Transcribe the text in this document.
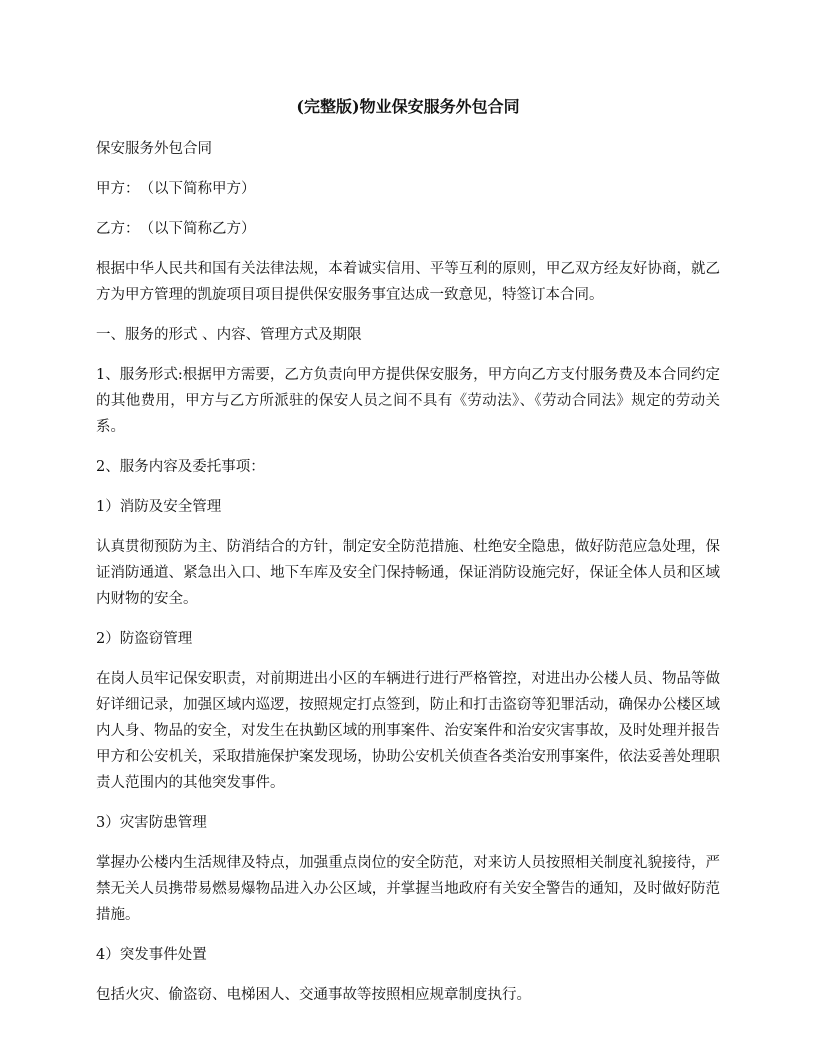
(完整版)物业保安服务外包合同

保安服务外包合同

甲方：　（以下简称甲方）

乙方：　（以下简称乙方）

根据中华人民共和国有关法律法规，本着诚实信用、平等互利的原则，甲乙双方经友好协商，就乙方为甲方管理的凯旋项目项目提供保安服务事宜达成一致意见，特签订本合同。

一、服务的形式 、内容、管理方式及期限

1、服务形式:根据甲方需要，乙方负责向甲方提供保安服务，甲方向乙方支付服务费及本合同约定的其他费用，甲方与乙方所派驻的保安人员之间不具有《劳动法》、《劳动合同法》规定的劳动关系。

2、服务内容及委托事项：

1）消防及安全管理

认真贯彻预防为主、防消结合的方针，制定安全防范措施、杜绝安全隐患，做好防范应急处理，保证消防通道、紧急出入口、地下车库及安全门保持畅通，保证消防设施完好，保证全体人员和区域内财物的安全。

2）防盗窃管理

在岗人员牢记保安职责，对前期进出小区的车辆进行进行严格管控，对进出办公楼人员、物品等做好详细记录，加强区域内巡逻，按照规定打点签到，防止和打击盗窃等犯罪活动，确保办公楼区域内人身、物品的安全，对发生在执勤区域的刑事案件、治安案件和治安灾害事故，及时处理并报告甲方和公安机关，采取措施保护案发现场，协助公安机关侦查各类治安刑事案件，依法妥善处理职责人范围内的其他突发事件。

3）灾害防患管理

掌握办公楼内生活规律及特点，加强重点岗位的安全防范，对来访人员按照相关制度礼貌接待，严禁无关人员携带易燃易爆物品进入办公区域，并掌握当地政府有关安全警告的通知，及时做好防范措施。

4）突发事件处置

包括火灾、偷盗窃、电梯困人、交通事故等按照相应规章制度执行。
